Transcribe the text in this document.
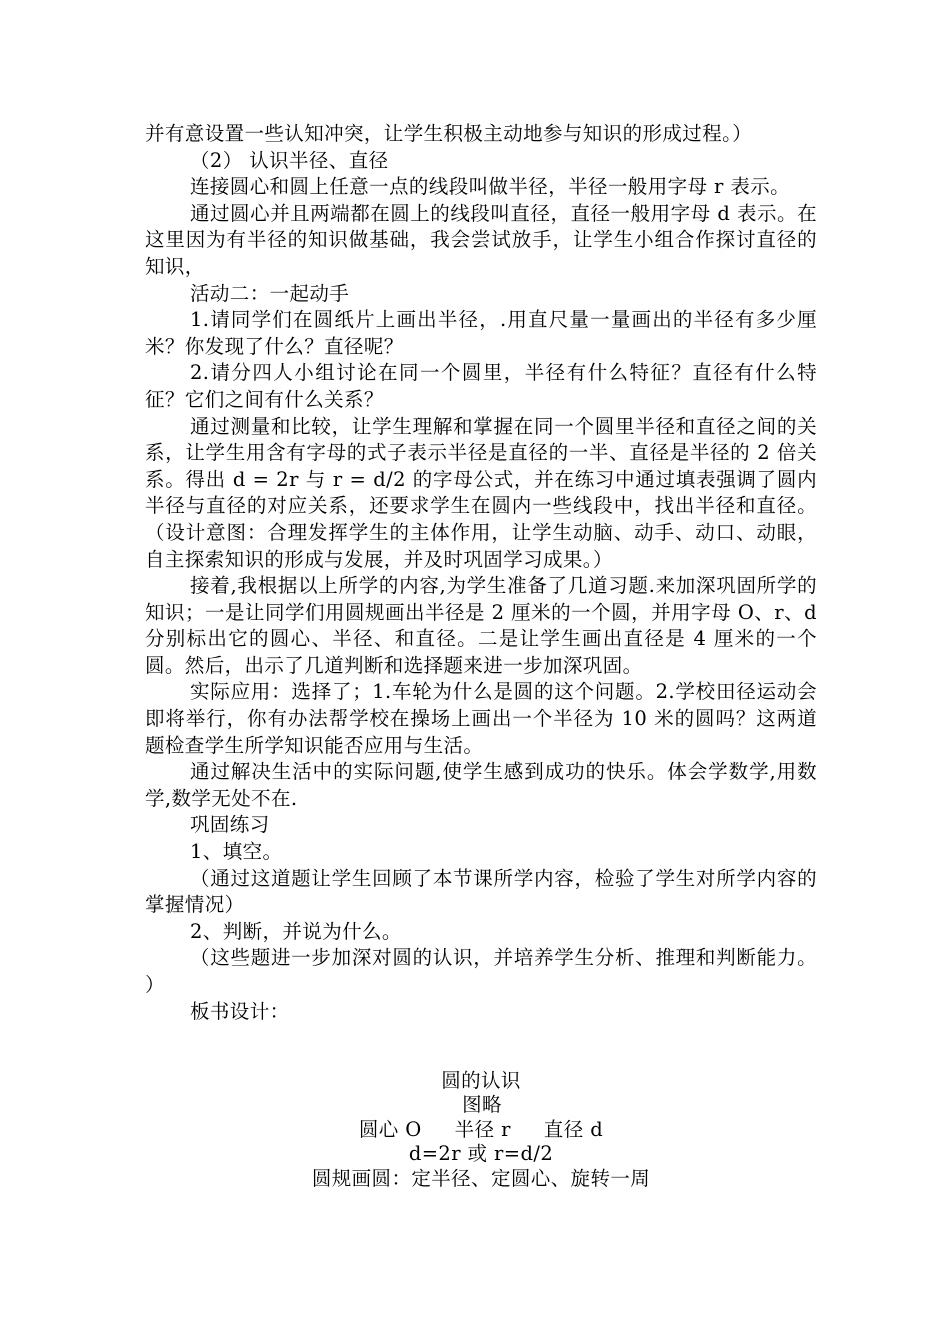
并有意设置一些认知冲突，让学生积极主动地参与知识的形成过程。）

（2） 认识半径、直径

连接圆心和圆上任意一点的线段叫做半径，半径一般用字母 r 表示。

通过圆心并且两端都在圆上的线段叫直径，直径一般用字母 d 表示。在这里因为有半径的知识做基础，我会尝试放手，让学生小组合作探讨直径的知识，

活动二：一起动手

1.请同学们在圆纸片上画出半径，.用直尺量一量画出的半径有多少厘米？你发现了什么？直径呢？

2.请分四人小组讨论在同一个圆里，半径有什么特征？直径有什么特征？它们之间有什么关系？

通过测量和比较，让学生理解和掌握在同一个圆里半径和直径之间的关系，让学生用含有字母的式子表示半径是直径的一半、直径是半径的 2 倍关系。得出 d = 2r 与 r = d/2 的字母公式，并在练习中通过填表强调了圆内半径与直径的对应关系，还要求学生在圆内一些线段中，找出半径和直径。（设计意图：合理发挥学生的主体作用，让学生动脑、动手、动口、动眼，自主探索知识的形成与发展，并及时巩固学习成果。）

接着,我根据以上所学的内容,为学生准备了几道习题.来加深巩固所学的知识；一是让同学们用圆规画出半径是 2 厘米的一个圆，并用字母 O、r、d 分别标出它的圆心、半径、和直径。二是让学生画出直径是 4 厘米的一个圆。然后，出示了几道判断和选择题来进一步加深巩固。

实际应用：选择了；1.车轮为什么是圆的这个问题。2.学校田径运动会即将举行，你有办法帮学校在操场上画出一个半径为 10 米的圆吗？这两道题检查学生所学知识能否应用与生活。

通过解决生活中的实际问题,使学生感到成功的快乐。体会学数学,用数学,数学无处不在.

巩固练习

1、填空。

（通过这道题让学生回顾了本节课所学内容，检验了学生对所学内容的掌握情况）

2、判断，并说为什么。

（这些题进一步加深对圆的认识，并培养学生分析、推理和判断能力。 ）

板书设计：

圆的认识
图略
圆心 O     半径 r     直径 d
d=2r 或 r=d/2
圆规画圆：定半径、定圆心、旋转一周
